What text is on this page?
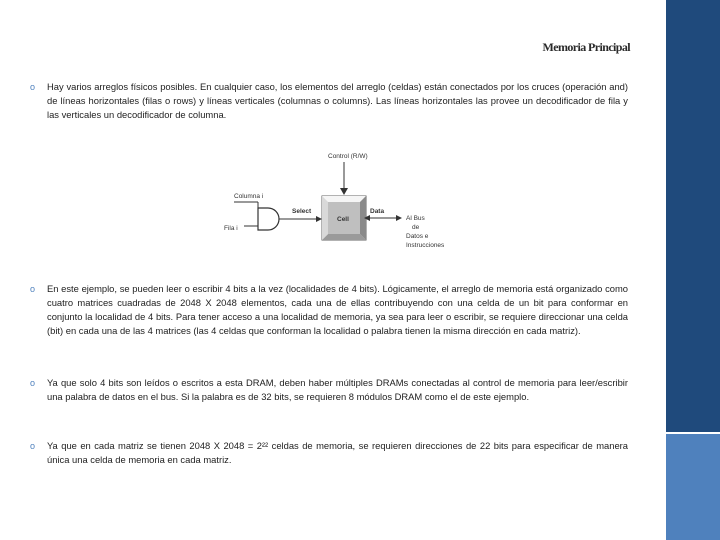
Memoria Principal
o Hay varios arreglos físicos posibles. En cualquier caso, los elementos del arreglo (celdas) están conectados por los cruces (operación and) de líneas horizontales (filas o rows) y líneas verticales (columnas o columns). Las líneas horizontales las provee un decodificador de fila y las verticales un decodificador de columna.
Control (R/W)
Columna i
Fila i
Select
Cell
Data
Al Bus
de
Datos e
Instrucciones
o En este ejemplo, se pueden leer o escribir 4 bits a la vez (localidades de 4 bits). Lógicamente, el arreglo de memoria está organizado como cuatro matrices cuadradas de 2048 X 2048 elementos, cada una de ellas contribuyendo con una celda de un bit para conformar en conjunto la localidad de 4 bits. Para tener acceso a una localidad de memoria, ya sea para leer o escribir, se requiere direccionar una celda (bit) en cada una de las 4 matrices (las 4 celdas que conforman la localidad o palabra tienen la misma dirección en cada matriz).
o Ya que solo 4 bits son leídos o escritos a esta DRAM, deben haber múltiples DRAMs conectadas al control de memoria para leer/escribir una palabra de datos en el bus. Si la palabra es de 32 bits, se requieren 8 módulos DRAM como el de este ejemplo.
o Ya que en cada matriz se tienen 2048 X 2048 = 2²² celdas de memoria, se requieren direcciones de 22 bits para especificar de manera única una celda de memoria en cada matriz.
